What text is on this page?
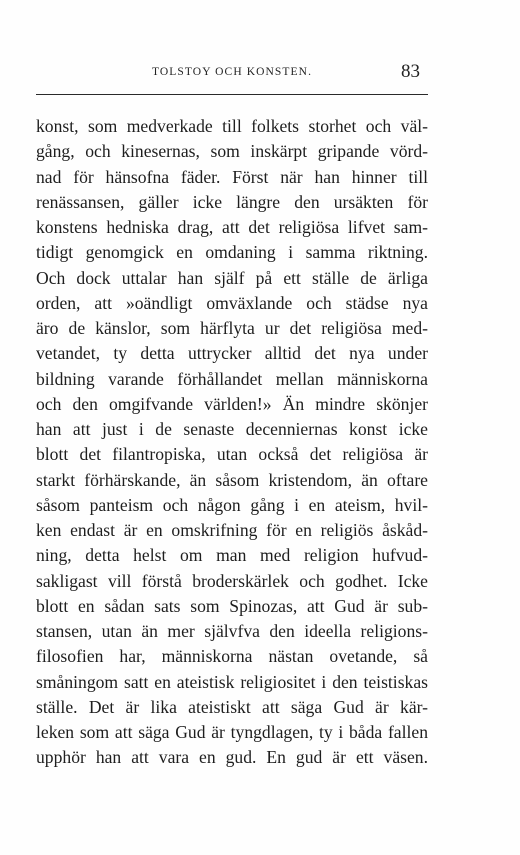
TOLSTOY OCH KONSTEN.	83
konst, som medverkade till folkets storhet och väl-
gång, och kinesernas, som inskärpt gripande vörd-
nad för hänsofna fäder. Först när han hinner till
renässansen, gäller icke längre den ursäkten för
konstens hedniska drag, att det religiösa lifvet sam-
tidigt genomgick en omdaning i samma riktning.
Och dock uttalar han själf på ett ställe de ärliga
orden, att »oändligt omväxlande och städse nya
äro de känslor, som härflyta ur det religiösa med-
vetandet, ty detta uttrycker alltid det nya under
bildning varande förhållandet mellan människorna
och den omgifvande världen!» Än mindre skönjer
han att just i de senaste decenniernas konst icke
blott det filantropiska, utan också det religiösa är
starkt förhärskande, än såsom kristendom, än oftare
såsom panteism och någon gång i en ateism, hvil-
ken endast är en omskrifning för en religiös åskåd-
ning, detta helst om man med religion hufvud-
sakligast vill förstå broderskärlek och godhet. Icke
blott en sådan sats som Spinozas, att Gud är sub-
stansen, utan än mer självfva den ideella religions-
filosofien har, människorna nästan ovetande, så
småningom satt en ateistisk religiositet i den teistiskas
ställe. Det är lika ateistiskt att säga Gud är kär-
leken som att säga Gud är tyngdlagen, ty i båda fallen
upphör han att vara en gud. En gud är ett väsen.
